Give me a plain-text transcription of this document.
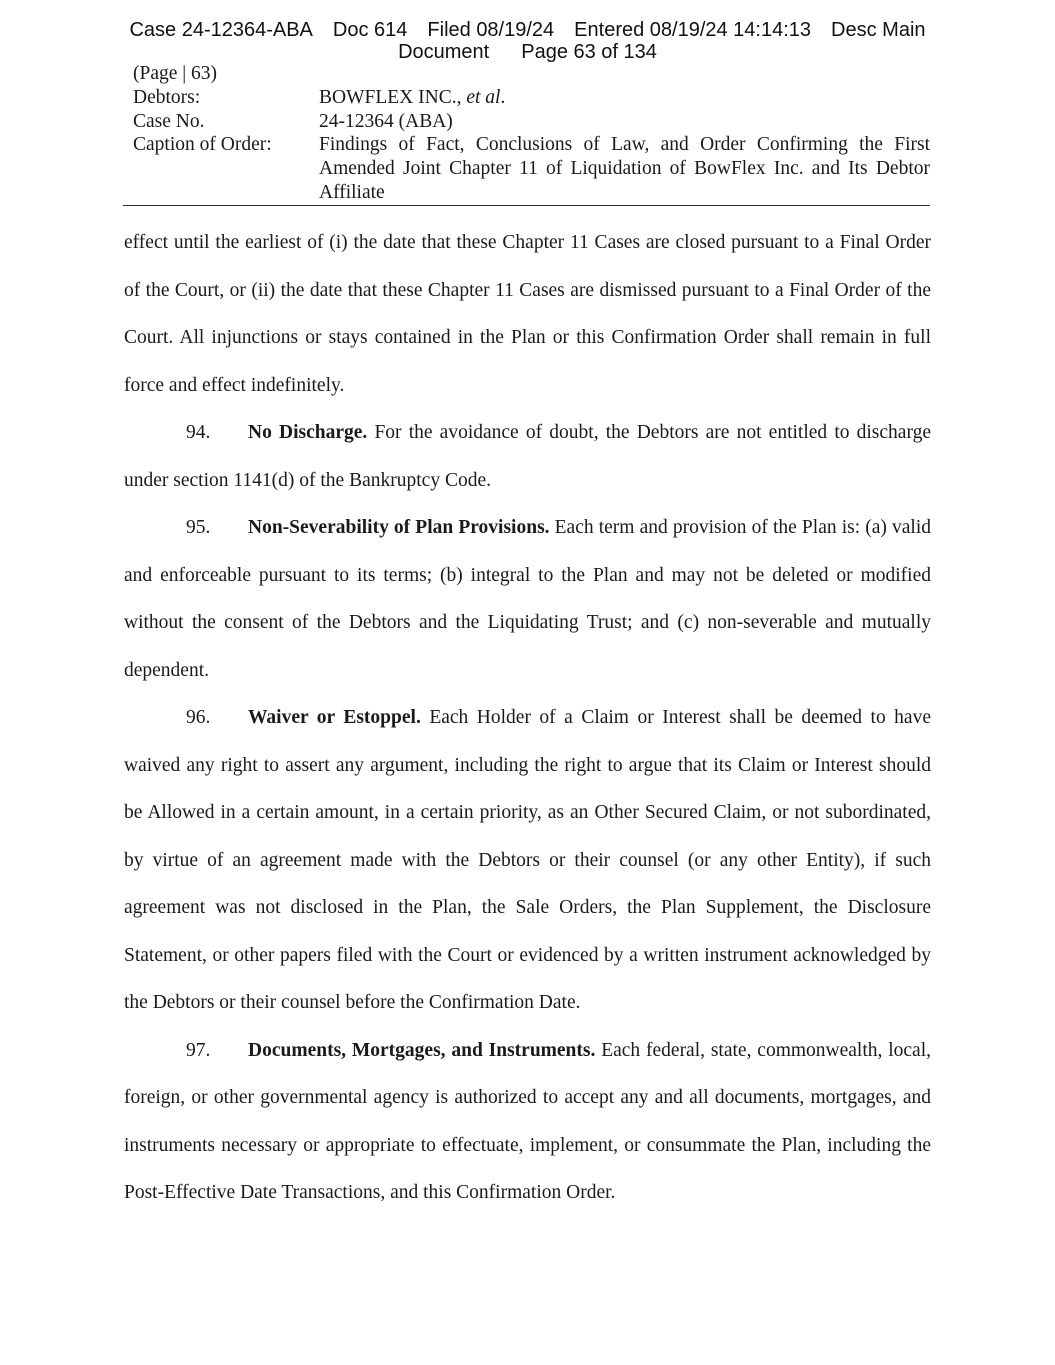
Case 24-12364-ABA Doc 614 Filed 08/19/24 Entered 08/19/24 14:14:13 Desc Main
Document Page 63 of 134
(Page | 63)
Debtors:	BOWFLEX INC., et al.
Case No.	24-12364 (ABA)
Caption of Order:	Findings of Fact, Conclusions of Law, and Order Confirming the First Amended Joint Chapter 11 of Liquidation of BowFlex Inc. and Its Debtor Affiliate

effect until the earliest of (i) the date that these Chapter 11 Cases are closed pursuant to a Final Order of the Court, or (ii) the date that these Chapter 11 Cases are dismissed pursuant to a Final Order of the Court. All injunctions or stays contained in the Plan or this Confirmation Order shall remain in full force and effect indefinitely.

94. No Discharge. For the avoidance of doubt, the Debtors are not entitled to discharge under section 1141(d) of the Bankruptcy Code.

95. Non-Severability of Plan Provisions. Each term and provision of the Plan is: (a) valid and enforceable pursuant to its terms; (b) integral to the Plan and may not be deleted or modified without the consent of the Debtors and the Liquidating Trust; and (c) non-severable and mutually dependent.

96. Waiver or Estoppel. Each Holder of a Claim or Interest shall be deemed to have waived any right to assert any argument, including the right to argue that its Claim or Interest should be Allowed in a certain amount, in a certain priority, as an Other Secured Claim, or not subordinated, by virtue of an agreement made with the Debtors or their counsel (or any other Entity), if such agreement was not disclosed in the Plan, the Sale Orders, the Plan Supplement, the Disclosure Statement, or other papers filed with the Court or evidenced by a written instrument acknowledged by the Debtors or their counsel before the Confirmation Date.

97. Documents, Mortgages, and Instruments. Each federal, state, commonwealth, local, foreign, or other governmental agency is authorized to accept any and all documents, mortgages, and instruments necessary or appropriate to effectuate, implement, or consummate the Plan, including the Post-Effective Date Transactions, and this Confirmation Order.
